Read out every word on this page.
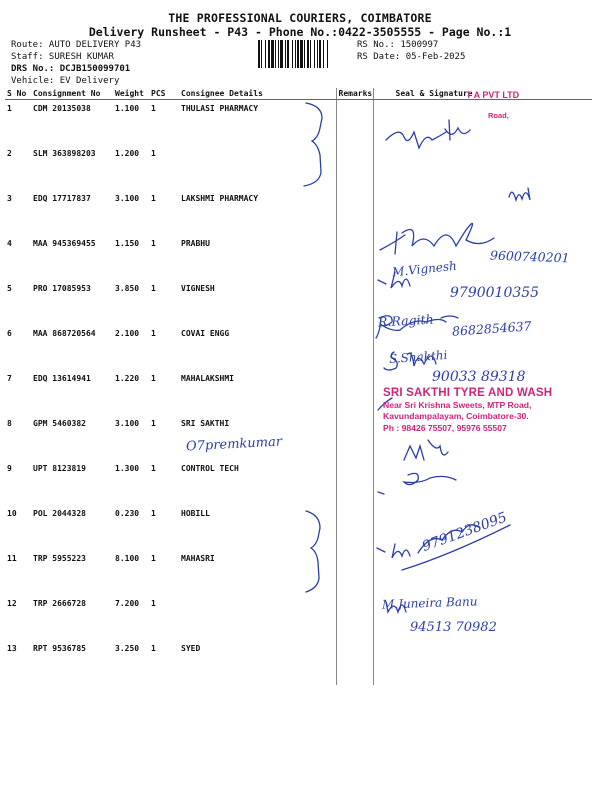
THE PROFESSIONAL COURIERS, COIMBATORE
Delivery Runsheet - P43 - Phone No.:0422-3505555 - Page No.:1
Route: AUTO DELIVERY P43
Staff: SURESH KUMAR
DRS No.: DCJB150099701
Vehicle: EV Delivery
RS No.: 1500997
RS Date: 05-Feb-2025
S No	Consignment No	Weight	PCS	Consignee Details	Remarks	Seal & Signature
1	CDM 20135038	1.100	1	THULASI PHARMACY		
2	SLM 363898203	1.200	1			
3	EDQ 17717837	3.100	1	LAKSHMI PHARMACY		
4	MAA 945369455	1.150	1	PRABHU		
5	PRO 17085953	3.850	1	VIGNESH		
6	MAA 868720564	2.100	1	COVAI ENGG		
7	EDQ 13614941	1.220	1	MAHALAKSHMI		
8	GPM 5460382	3.100	1	SRI SAKTHI		
9	UPT 8123819	1.300	1	CONTROL TECH		
10	POL 2044328	0.230	1	HOBILL		
11	TRP 5955223	8.100	1	MAHASRI		
12	TRP 2666728	7.200	1			
13	RPT 9536785	3.250	1	SYED		
T A PVT LTD
Road,
9600740201
M.Vignesh
9790010355
R.Ragith 8682854637
S.Shakthi
90033 89318
O7premkumar
9791238095
M.Juneira Banu
94513 70982
SRI SAKTHI TYRE AND WASH
Near Sri Krishna Sweets, MTP Road,
Kavundampalayam, Coimbatore-30.
Ph : 98426 75507, 95976 55507
